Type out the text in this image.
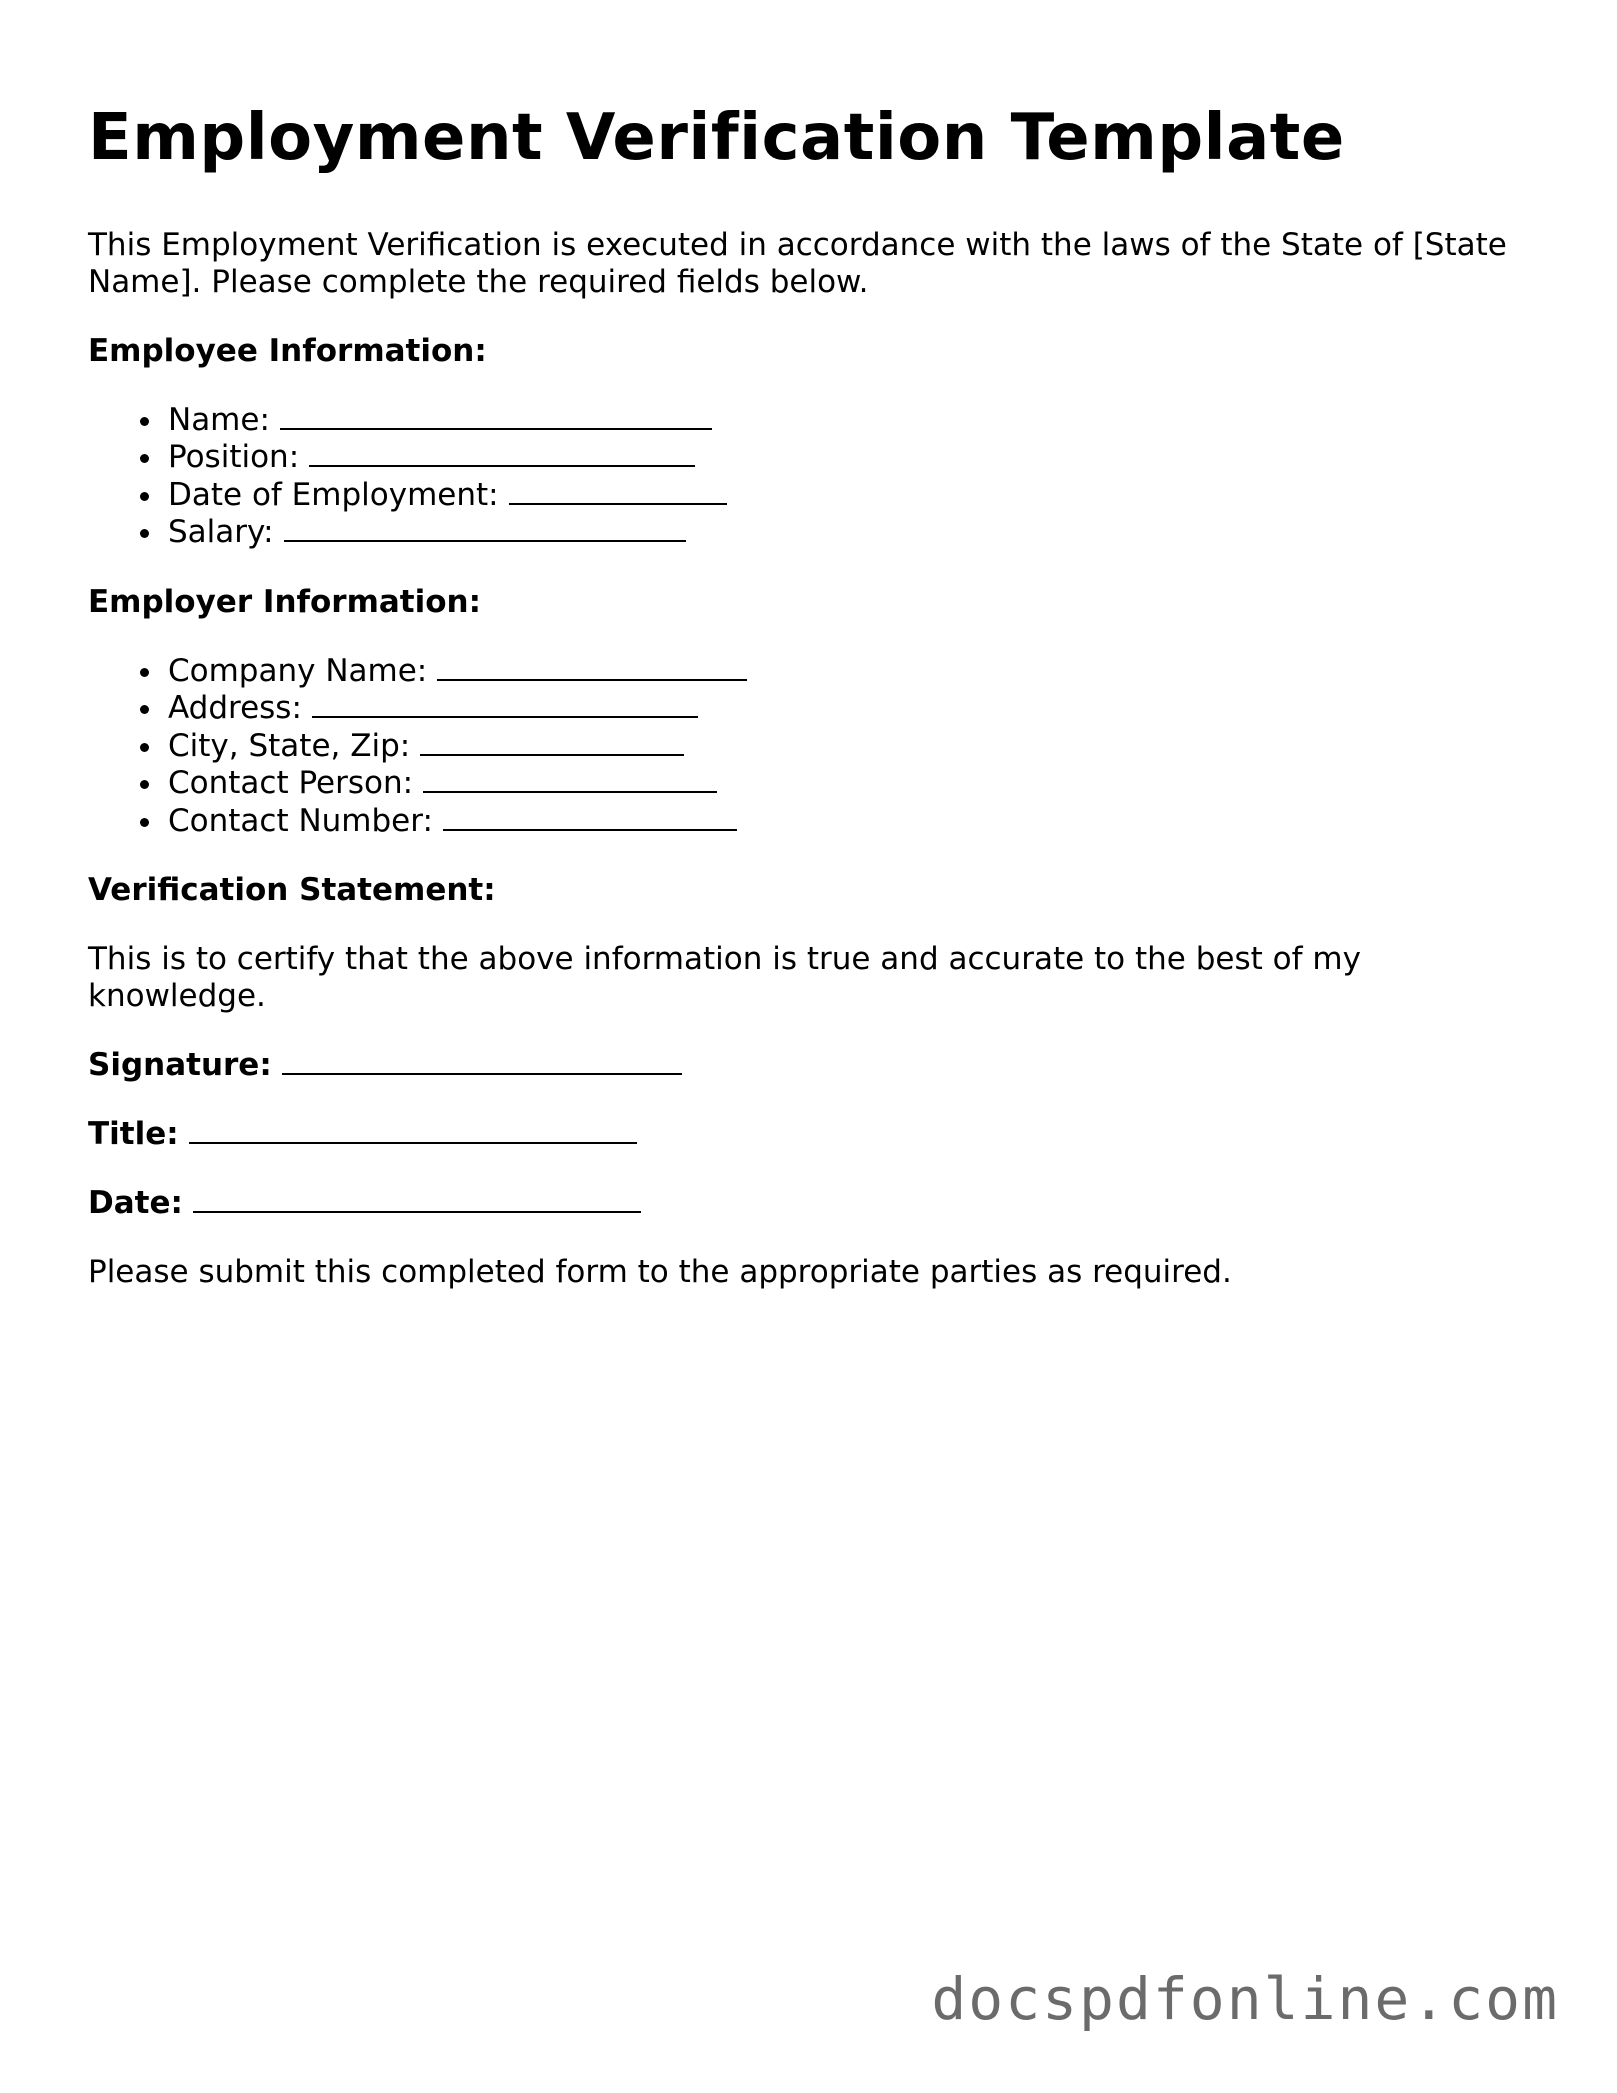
Employment Verification Template

This Employment Verification is executed in accordance with the laws of the State of [State Name]. Please complete the required fields below.

Employee Information:
Name:
Position:
Date of Employment:
Salary:
Employer Information:
Company Name:
Address:
City, State, Zip:
Contact Person:
Contact Number:
Verification Statement:

This is to certify that the above information is true and accurate to the best of my knowledge.

Signature:
Title:
Date:

Please submit this completed form to the appropriate parties as required.

docspdfonline.com
